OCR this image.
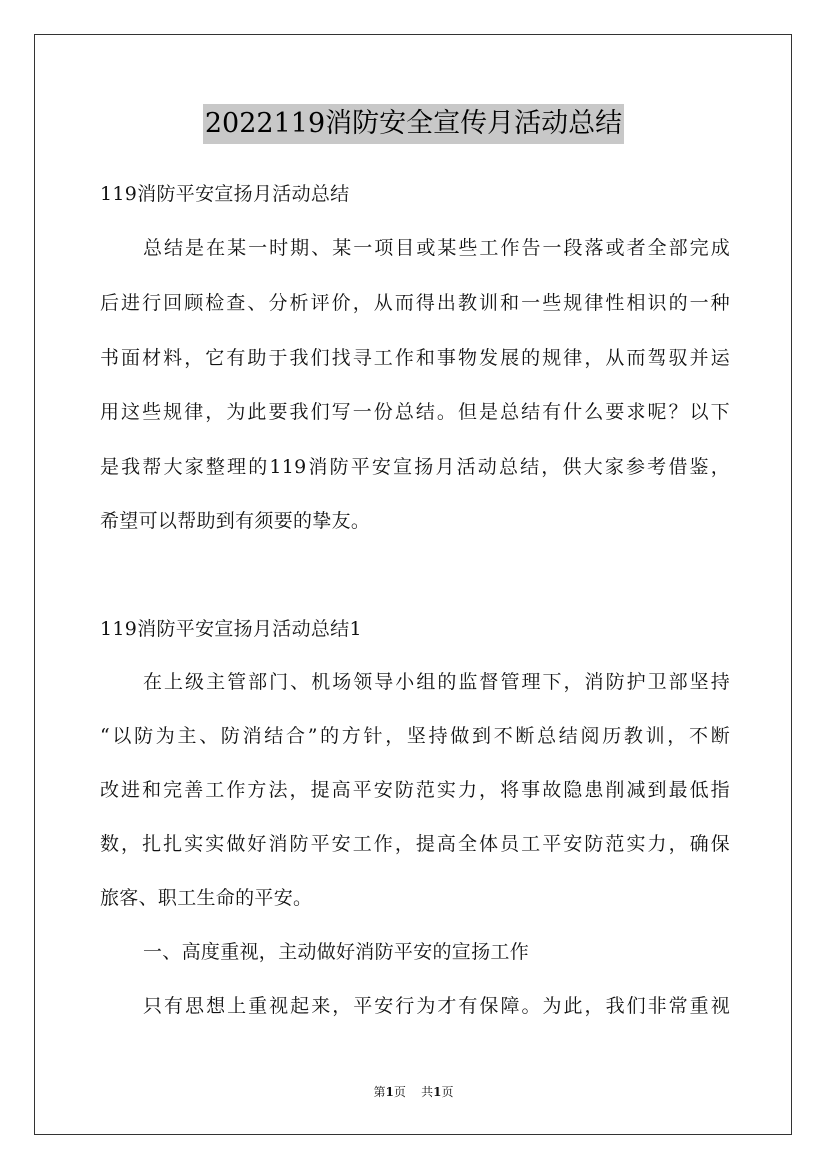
2022119消防安全宣传月活动总结
119消防平安宣扬月活动总结
总结是在某一时期、某一项目或某些工作告一段落或者全部完成
后进行回顾检查、分析评价，从而得出教训和一些规律性相识的一种
书面材料，它有助于我们找寻工作和事物发展的规律，从而驾驭并运
用这些规律，为此要我们写一份总结。但是总结有什么要求呢？以下
是我帮大家整理的119消防平安宣扬月活动总结，供大家参考借鉴，
希望可以帮助到有须要的挚友。
119消防平安宣扬月活动总结1
在上级主管部门、机场领导小组的监督管理下，消防护卫部坚持
“以防为主、防消结合”的方针，坚持做到不断总结阅历教训，不断
改进和完善工作方法，提高平安防范实力，将事故隐患削减到最低指
数，扎扎实实做好消防平安工作，提高全体员工平安防范实力，确保
旅客、职工生命的平安。
一、高度重视，主动做好消防平安的宣扬工作
只有思想上重视起来，平安行为才有保障。为此，我们非常重视
第1页    共1页
